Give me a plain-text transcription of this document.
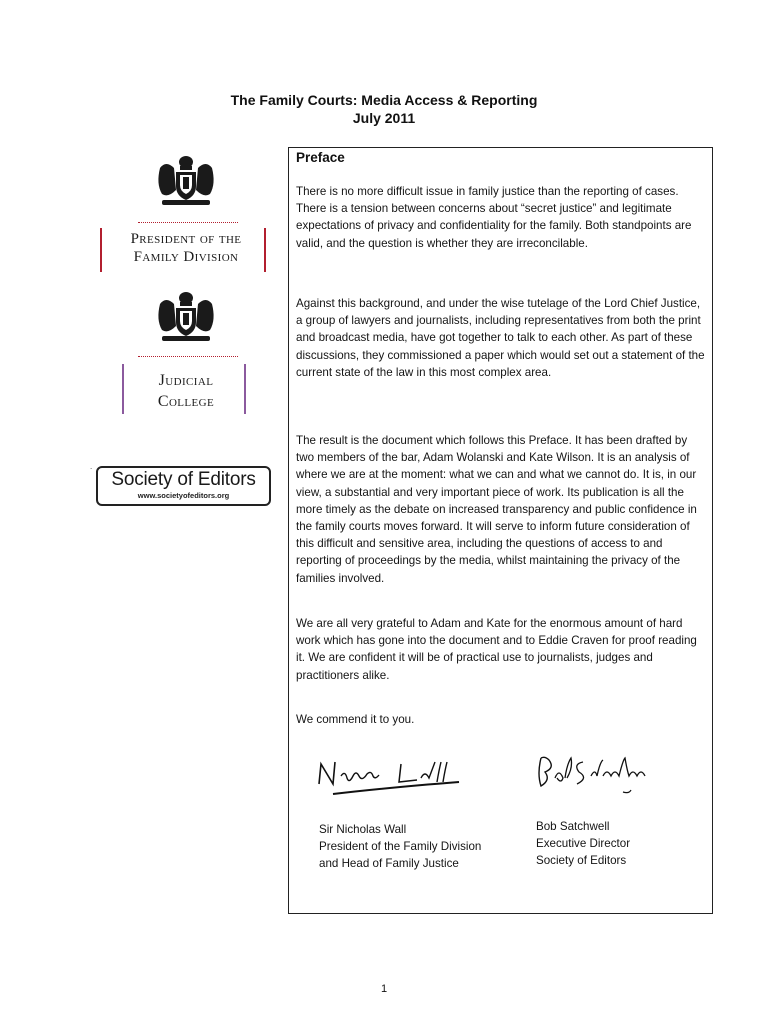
The Family Courts: Media Access & Reporting
July 2011
President of the
Family Division
Judicial
College
.
Society of Editors
www.societyofeditors.org
Preface

There is no more difficult issue in family justice than the reporting of cases. There is a tension between concerns about “secret justice” and legitimate expectations of privacy and confidentiality for the family. Both standpoints are valid, and the question is whether they are irreconcilable.

Against this background, and under the wise tutelage of the Lord Chief Justice, a group of lawyers and journalists, including representatives from both the print and broadcast media, have got together to talk to each other. As part of these discussions, they commissioned a paper which would set out a statement of the current state of the law in this most complex area.

The result is the document which follows this Preface. It has been drafted by two members of the bar, Adam Wolanski and Kate Wilson. It is an analysis of where we are at the moment: what we can and what we cannot do. It is, in our view, a substantial and very important piece of work. Its publication is all the more timely as the debate on increased transparency and public confidence in the family courts moves forward. It will serve to inform future consideration of this difficult and sensitive area, including the questions of access to and reporting of proceedings by the media, whilst maintaining the privacy of the families involved.

We are all very grateful to Adam and Kate for the enormous amount of hard work which has gone into the document and to Eddie Craven for proof reading it. We are confident it will be of practical use to journalists, judges and practitioners alike.

We commend it to you.

Sir Nicholas Wall
President of the Family Division
and Head of Family Justice
Bob Satchwell
Executive Director
Society of Editors
1
